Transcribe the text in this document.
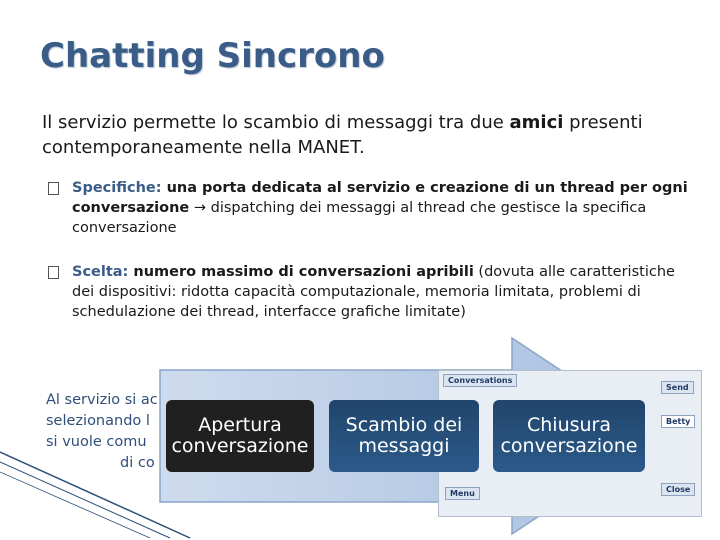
Chatting Sincrono
Il servizio permette lo scambio di messaggi tra due amici presenti contemporaneamente nella MANET.
Specifiche: una porta dedicata al servizio e creazione di un thread per ogni conversazione → dispatching dei messaggi al thread che gestisce la specifica conversazione
Scelta: numero massimo di conversazioni apribili (dovuta alle caratteristiche dei dispositivi: ridotta capacità computazionale, memoria limitata, problemi di schedulazione dei thread, interfacce grafiche limitate)
Al servizio si ac
selezionando l
si vuole comu
di co
Conversations
Send
Betty
Menu	Close
Apertura
conversazione
Scambio dei
messaggi
Chiusura
conversazione
